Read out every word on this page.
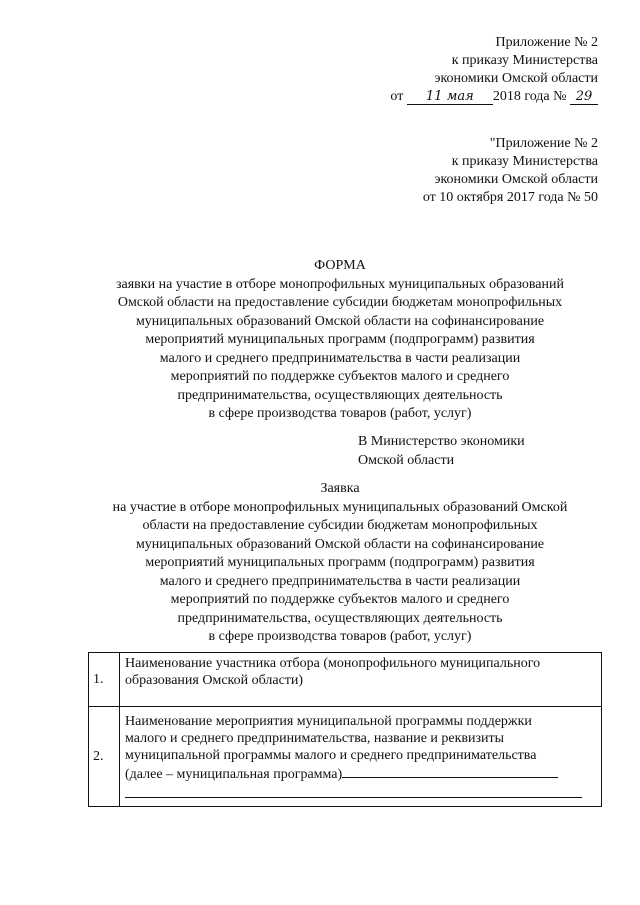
Приложение № 2
к приказу Министерства
экономики Омской области
от 11 мая 2018 года № 29
"Приложение № 2
к приказу Министерства
экономики Омской области
от 10 октября 2017 года № 50
ФОРМА
заявки на участие в отборе монопрофильных муниципальных образований
Омской области на предоставление субсидии бюджетам монопрофильных
муниципальных образований Омской области на софинансирование
мероприятий муниципальных программ (подпрограмм) развития
малого и среднего предпринимательства в части реализации
мероприятий по поддержке субъектов малого и среднего
предпринимательства, осуществляющих деятельность
в сфере производства товаров (работ, услуг)
В Министерство экономики
Омской области
Заявка
на участие в отборе монопрофильных муниципальных образований Омской
области на предоставление субсидии бюджетам монопрофильных
муниципальных образований Омской области на софинансирование
мероприятий муниципальных программ (подпрограмм) развития
малого и среднего предпринимательства в части реализации
мероприятий по поддержке субъектов малого и среднего
предпринимательства, осуществляющих деятельность
в сфере производства товаров (работ, услуг)
1.	Наименование участника отбора (монопрофильного муниципального
образования Омской области)

2.	Наименование мероприятия муниципальной программы поддержки
малого и среднего предпринимательства, название и реквизиты
муниципальной программы малого и среднего предпринимательства
(далее – муниципальная программа)
